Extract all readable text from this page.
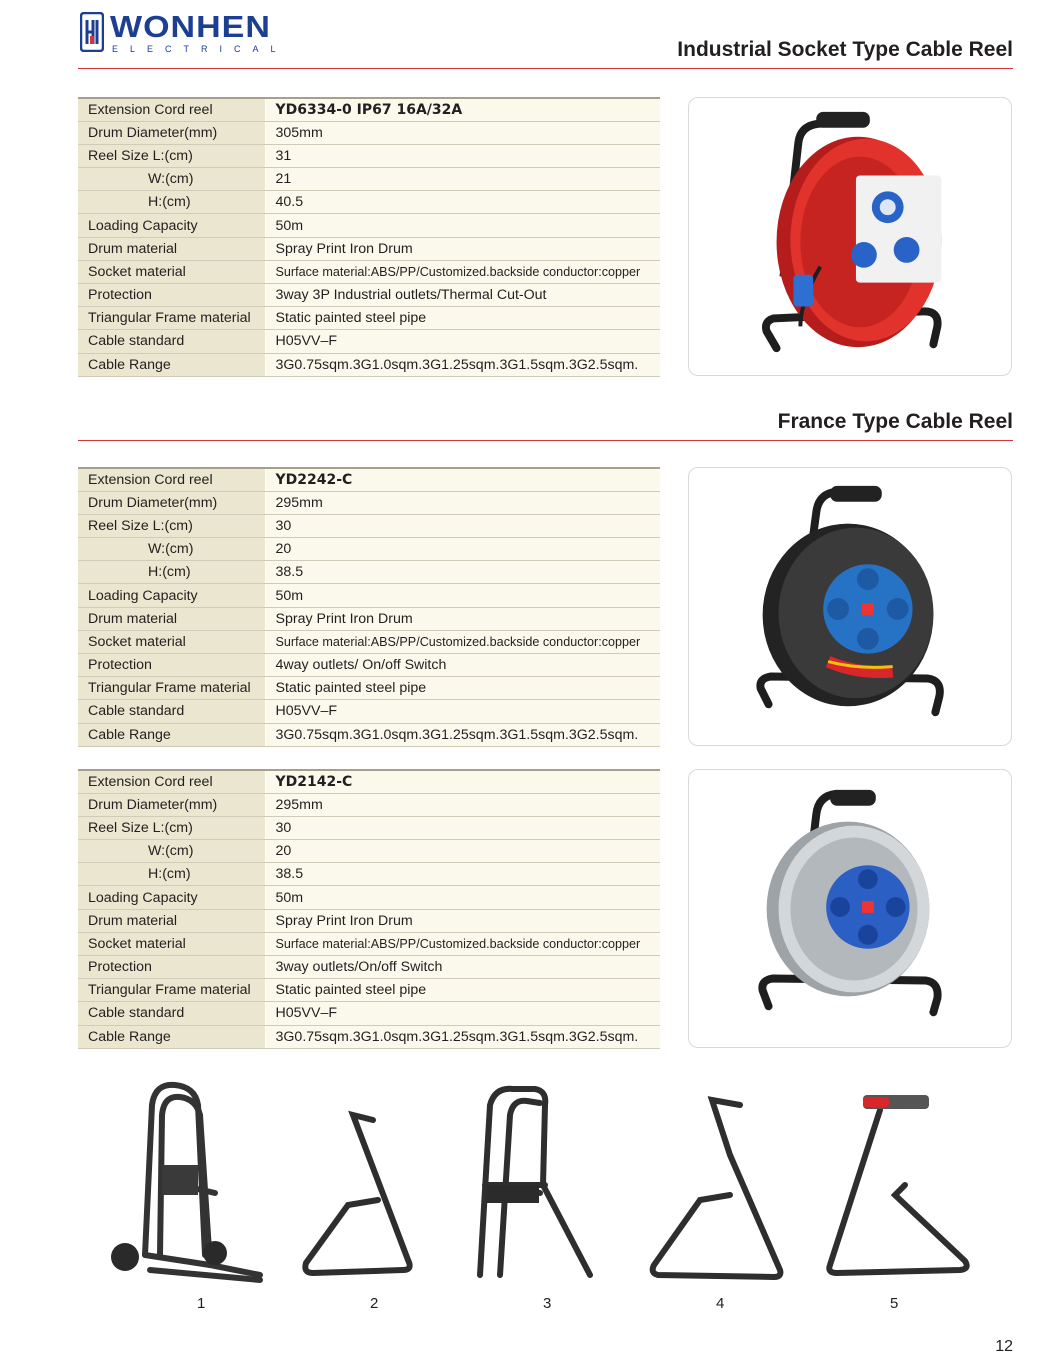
WONHEN
ELECTRICAL	Industrial Socket Type Cable Reel
Extension Cord reel	YD6334-0 IP67 16A/32A
Drum Diameter(mm)	305mm
Reel Size L:(cm)	31
W:(cm)	21
H:(cm)	40.5
Loading Capacity	50m
Drum material	Spray Print Iron Drum
Socket material	Surface material:ABS/PP/Customized.backside conductor:copper
Protection	3way 3P Industrial outlets/Thermal Cut-Out
Triangular Frame material	Static painted steel pipe
Cable standard	H05VV–F
Cable Range	3G0.75sqm.3G1.0sqm.3G1.25sqm.3G1.5sqm.3G2.5sqm.
France Type Cable Reel
Extension Cord reel	YD2242-C
Drum Diameter(mm)	295mm
Reel Size L:(cm)	30
W:(cm)	20
H:(cm)	38.5
Loading Capacity	50m
Drum material	Spray Print Iron Drum
Socket material	Surface material:ABS/PP/Customized.backside conductor:copper
Protection	4way outlets/ On/off Switch
Triangular Frame material	Static painted steel pipe
Cable standard	H05VV–F
Cable Range	3G0.75sqm.3G1.0sqm.3G1.25sqm.3G1.5sqm.3G2.5sqm.
Extension Cord reel	YD2142-C
Drum Diameter(mm)	295mm
Reel Size L:(cm)	30
W:(cm)	20
H:(cm)	38.5
Loading Capacity	50m
Drum material	Spray Print Iron Drum
Socket material	Surface material:ABS/PP/Customized.backside conductor:copper
Protection	3way outlets/On/off Switch
Triangular Frame material	Static painted steel pipe
Cable standard	H05VV–F
Cable Range	3G0.75sqm.3G1.0sqm.3G1.25sqm.3G1.5sqm.3G2.5sqm.
1	2	3	4	5
12
